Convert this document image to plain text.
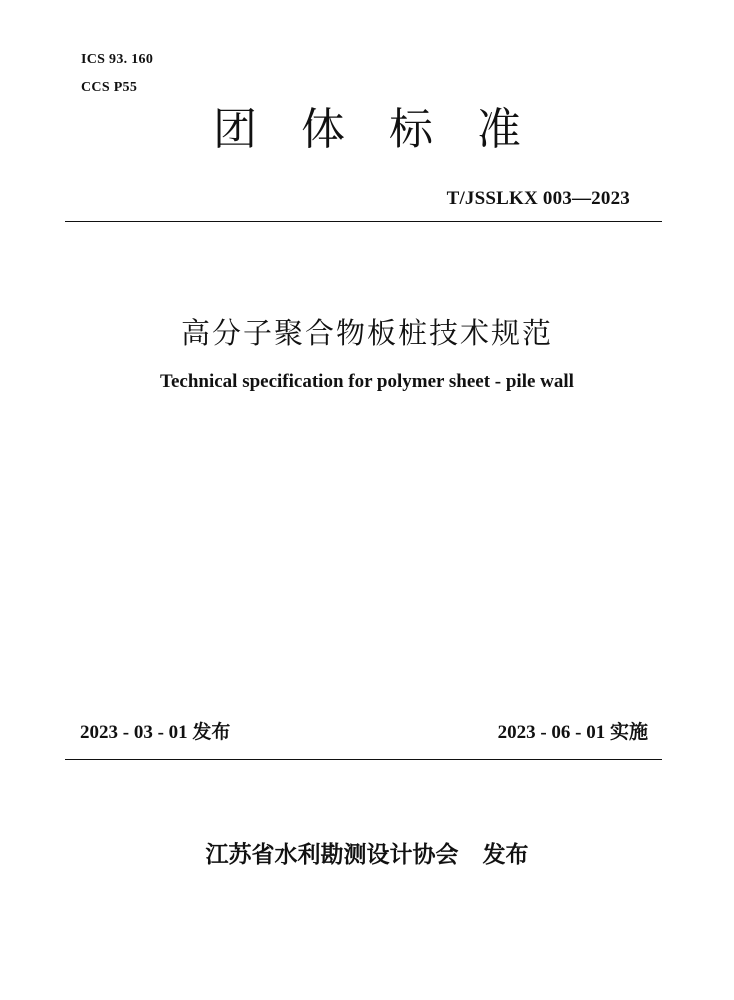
ICS 93. 160
CCS P55
团 体 标 准
T/JSSLKX 003—2023
高分子聚合物板桩技术规范
Technical specification for polymer sheet - pile wall
2023 - 03 - 01 发布	2023 - 06 - 01 实施
江苏省水利勘测设计协会   发布
